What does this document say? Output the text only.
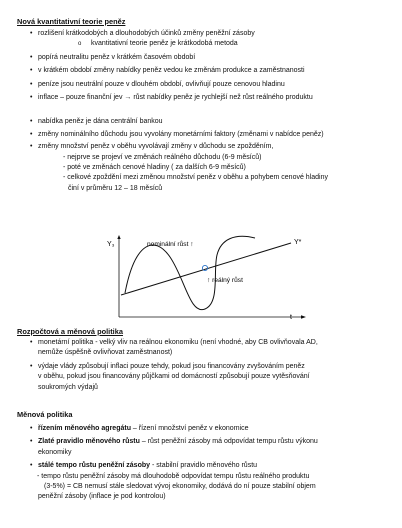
Nová kvantitativní teorie peněz
• rozlišení krátkodobých a dlouhodobých účinků změny peněžní zásoby
o kvantitativní teorie peněz je krátkodobá metoda
• popírá neutralitu peněz v krátkém časovém období
• v krátkém období změny nabídky peněz vedou ke změnám produkce a zaměstnanosti
• peníze jsou neutrální pouze v dlouhém období, ovlivňují pouze cenovou hladinu
• inflace – pouze finanční jev → růst nabídky peněz je rychlejší než růst reálného produktu
• nabídka peněz je dána centrální bankou
• změny nominálního důchodu jsou vyvolány monetárními faktory (změnami v nabídce peněz)
• změny množství peněz v oběhu vyvolávají změny v důchodu se zpožděním,
- nejprve se projeví ve změnách reálného důchodu (6-9 měsíců)
- poté ve změnách cenové hladiny ( za dalších 6-9 měsíců)
- celkové zpoždění mezi změnou množství peněz v oběhu a pohybem cenové hladiny
činí v průměru 12 – 18 měsíců
Y₃
t
Y*
nominální růst ↑
↑ reálný růst
Rozpočtová a měnová politika
• monetární politika - velký vliv na reálnou ekonomiku (není vhodné, aby CB ovlivňovala AD,
nemůže úspěšně ovlivňovat zaměstnanost)
• výdaje vlády způsobují inflaci pouze tehdy, pokud jsou financovány zvyšováním peněz
v oběhu, pokud jsou financovány půjčkami od domácností způsobují pouze vytěsňování
soukromých výdajů
Měnová politika
• řízením měnového agregátu – řízení množství peněz v ekonomice
• Zlaté pravidlo měnového růstu – růst peněžní zásoby má odpovídat tempu růstu výkonu
ekonomiky
• stálé tempo růstu peněžní zásoby - stabilní pravidlo měnového růstu
- tempo růstu peněžní zásoby má dlouhodobě odpovídat tempu růstu reálného produktu
(3-5%) = CB nemusí stále sledovat vývoj ekonomiky, dodává do ní pouze stabilní objem
peněžní zásoby (inflace je pod kontrolou)
